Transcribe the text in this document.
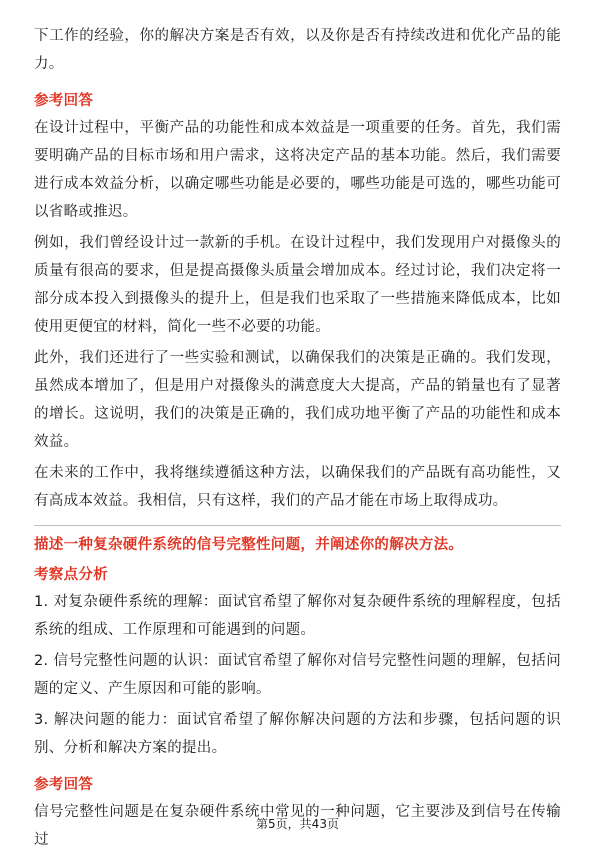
下工作的经验，你的解决方案是否有效，以及你是否有持续改进和优化产品的能力。

参考回答

在设计过程中，平衡产品的功能性和成本效益是一项重要的任务。首先，我们需要明确产品的目标市场和用户需求，这将决定产品的基本功能。然后，我们需要进行成本效益分析，以确定哪些功能是必要的，哪些功能是可选的，哪些功能可以省略或推迟。

例如，我们曾经设计过一款新的手机。在设计过程中，我们发现用户对摄像头的质量有很高的要求，但是提高摄像头质量会增加成本。经过讨论，我们决定将一部分成本投入到摄像头的提升上，但是我们也采取了一些措施来降低成本，比如使用更便宜的材料，简化一些不必要的功能。

此外，我们还进行了一些实验和测试，以确保我们的决策是正确的。我们发现，虽然成本增加了，但是用户对摄像头的满意度大大提高，产品的销量也有了显著的增长。这说明，我们的决策是正确的，我们成功地平衡了产品的功能性和成本效益。

在未来的工作中，我将继续遵循这种方法，以确保我们的产品既有高功能性，又有高成本效益。我相信，只有这样，我们的产品才能在市场上取得成功。

描述一种复杂硬件系统的信号完整性问题，并阐述你的解决方法。
考察点分析

1. 对复杂硬件系统的理解：面试官希望了解你对复杂硬件系统的理解程度，包括系统的组成、工作原理和可能遇到的问题。

2. 信号完整性问题的认识：面试官希望了解你对信号完整性问题的理解，包括问题的定义、产生原因和可能的影响。

3. 解决问题的能力：面试官希望了解你解决问题的方法和步骤，包括问题的识别、分析和解决方案的提出。

参考回答

信号完整性问题是在复杂硬件系统中常见的一种问题，它主要涉及到信号在传输过

第5页，共43页
